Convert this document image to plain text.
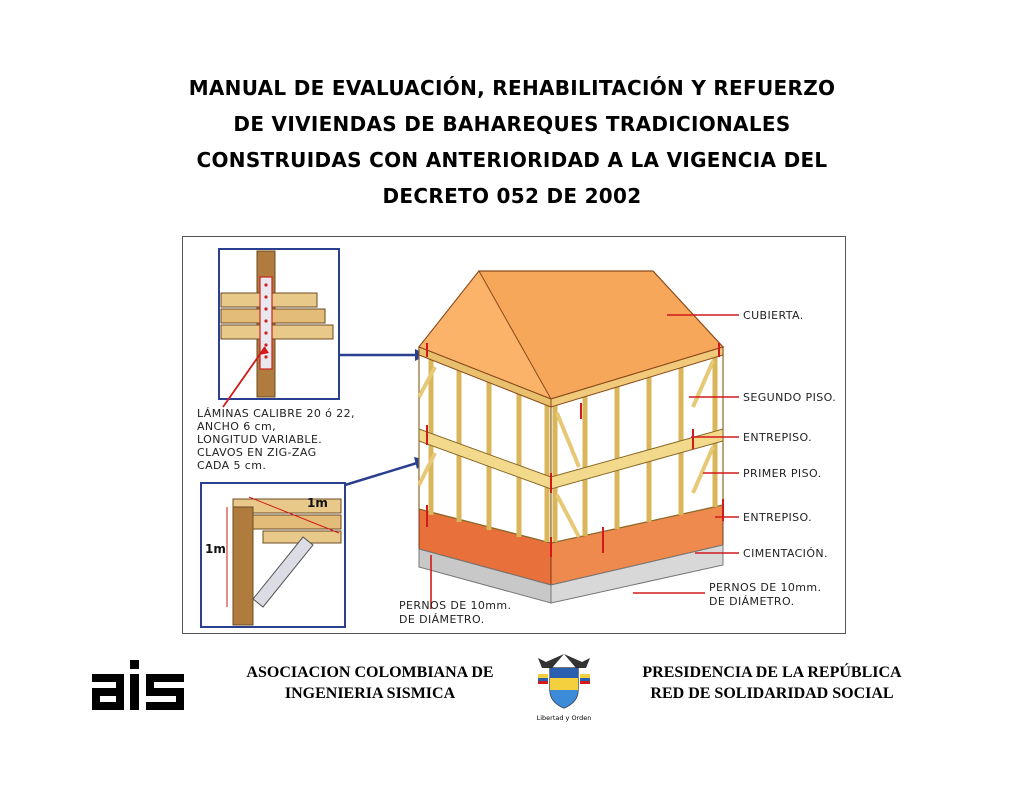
MANUAL DE EVALUACIÓN, REHABILITACIÓN Y REFUERZO
DE VIVIENDAS DE BAHAREQUES TRADICIONALES
CONSTRUIDAS CON ANTERIORIDAD A LA VIGENCIA DEL
DECRETO 052 DE 2002
LÁMINAS CALIBRE 20 ó 22,
ANCHO 6 cm,
LONGITUD VARIABLE.
CLAVOS EN ZIG-ZAG
CADA 5 cm.
1m
1m
CUBIERTA.
SEGUNDO PISO.
ENTREPISO.
PRIMER PISO.
ENTREPISO.
CIMENTACIÓN.
PERNOS DE 10mm.
DE DIÁMETRO.
PERNOS DE 10mm.
DE DIÁMETRO.

ASOCIACION COLOMBIANA DE
INGENIERIA SISMICA

Libertad y Orden

PRESIDENCIA DE LA REPÚBLICA
RED DE SOLIDARIDAD SOCIAL
